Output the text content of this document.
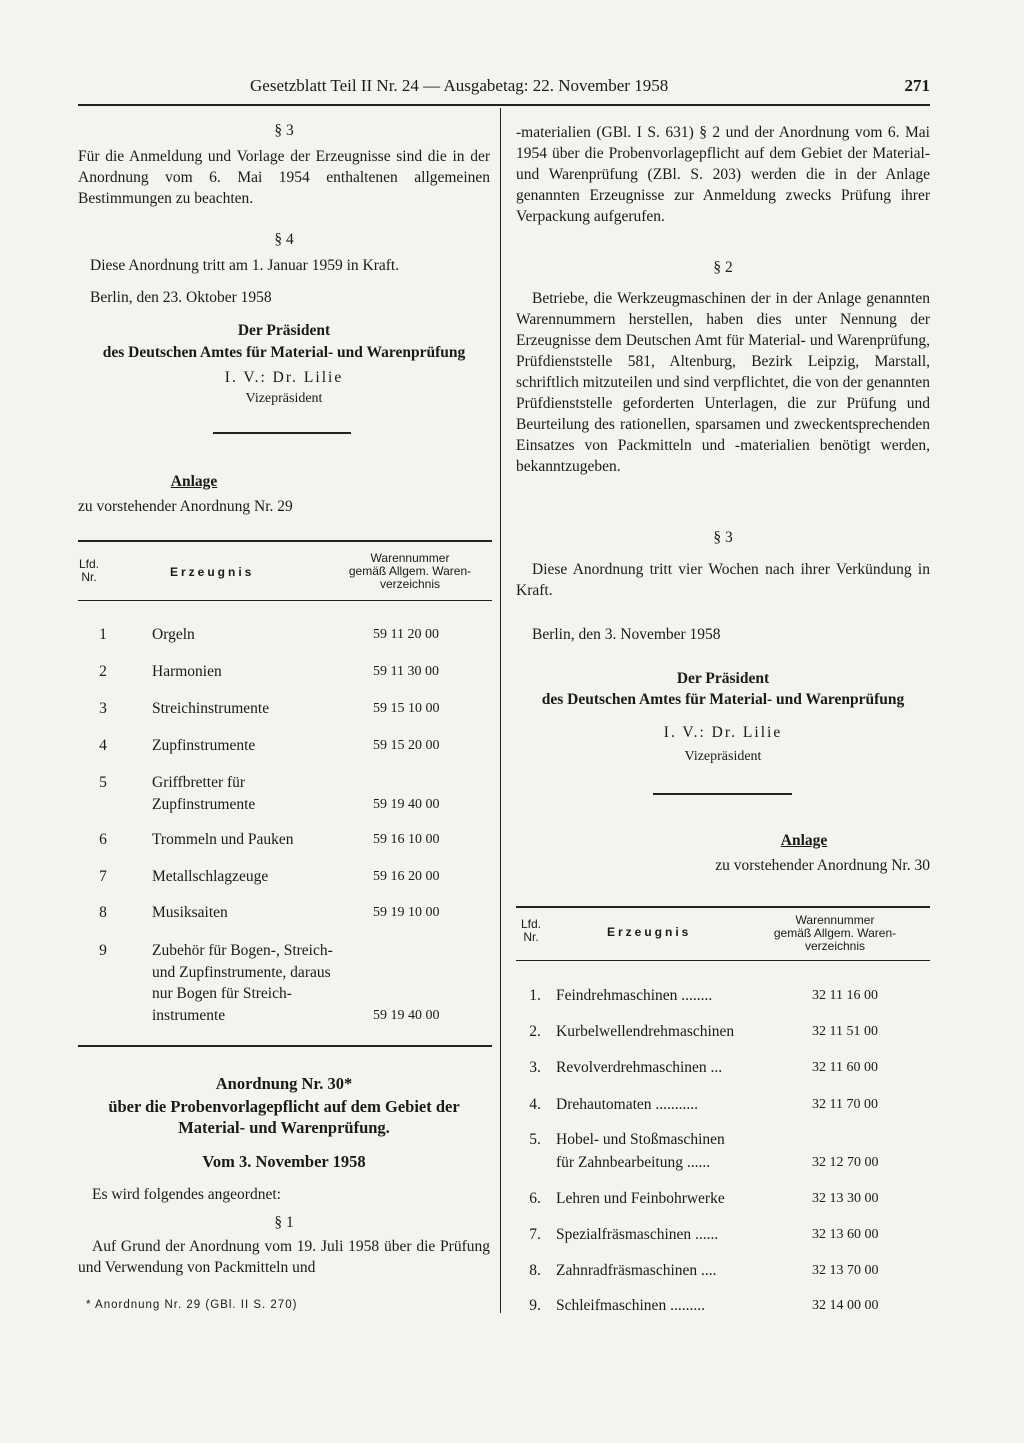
Gesetzblatt Teil II Nr. 24 — Ausgabetag: 22. November 1958	271
§ 3

Für die Anmeldung und Vorlage der Erzeugnisse sind die in der Anordnung vom 6. Mai 1954 enthaltenen allgemeinen Bestimmungen zu beachten.

§ 4

Diese Anordnung tritt am 1. Januar 1959 in Kraft.

Berlin, den 23. Oktober 1958

Der Präsident
des Deutschen Amtes für Material- und Warenprüfung
I. V.: Dr. Lilie
Vizepräsident
Anlage
zu vorstehender Anordnung Nr. 29
Lfd.
Nr.	Erzeugnis
Warennummer
gemäß Allgem. Waren-
verzeichnis
1	Orgeln	59 11 20 00
2	Harmonien	59 11 30 00
3	Streichinstrumente	59 15 10 00
4	Zupfinstrumente	59 15 20 00
5	Griffbretter für
Zupfinstrumente	59 19 40 00
6	Trommeln und Pauken	59 16 10 00
7	Metallschlagzeuge	59 16 20 00
8	Musiksaiten	59 19 10 00
9	Zubehör für Bogen-, Streich-
und Zupfinstrumente, daraus
nur Bogen für Streich-
instrumente	59 19 40 00
Anordnung Nr. 30*
über die Probenvorlagepflicht auf dem Gebiet der
Material- und Warenprüfung.
Vom 3. November 1958

Es wird folgendes angeordnet:

§ 1

Auf Grund der Anordnung vom 19. Juli 1958 über die Prüfung und Verwendung von Packmitteln und

* Anordnung Nr. 29 (GBl. II S. 270)

-materialien (GBl. I S. 631) § 2 und der Anordnung vom 6. Mai 1954 über die Probenvorlagepflicht auf dem Gebiet der Material- und Warenprüfung (ZBl. S. 203) werden die in der Anlage genannten Erzeugnisse zur Anmeldung zwecks Prüfung ihrer Verpackung aufgerufen.

§ 2

Betriebe, die Werkzeugmaschinen der in der Anlage genannten Warennummern herstellen, haben dies unter Nennung der Erzeugnisse dem Deutschen Amt für Material- und Warenprüfung, Prüfdienststelle 581, Altenburg, Bezirk Leipzig, Marstall, schriftlich mitzuteilen und sind verpflichtet, die von der genannten Prüfdienststelle geforderten Unterlagen, die zur Prüfung und Beurteilung des rationellen, sparsamen und zweckentsprechenden Einsatzes von Packmitteln und -materialien benötigt werden, bekanntzugeben.

§ 3

Diese Anordnung tritt vier Wochen nach ihrer Verkündung in Kraft.

Berlin, den 3. November 1958

Der Präsident
des Deutschen Amtes für Material- und Warenprüfung
I. V.: Dr. Lilie
Vizepräsident
Anlage
zu vorstehender Anordnung Nr. 30
Lfd.
Nr.	Erzeugnis
Warennummer
gemäß Allgem. Waren-
verzeichnis
1. Feindrehmaschinen ........	32 11 16 00
2. Kurbelwellendrehmaschinen	32 11 51 00
3. Revolverdrehmaschinen ...	32 11 60 00
4. Drehautomaten ...........	32 11 70 00
5. Hobel- und Stoßmaschinen
für Zahnbearbeitung ......	32 12 70 00
6. Lehren und Feinbohrwerke	32 13 30 00
7. Spezialfräsmaschinen ......	32 13 60 00
8. Zahnradfräsmaschinen ....	32 13 70 00
9. Schleifmaschinen .........	32 14 00 00
